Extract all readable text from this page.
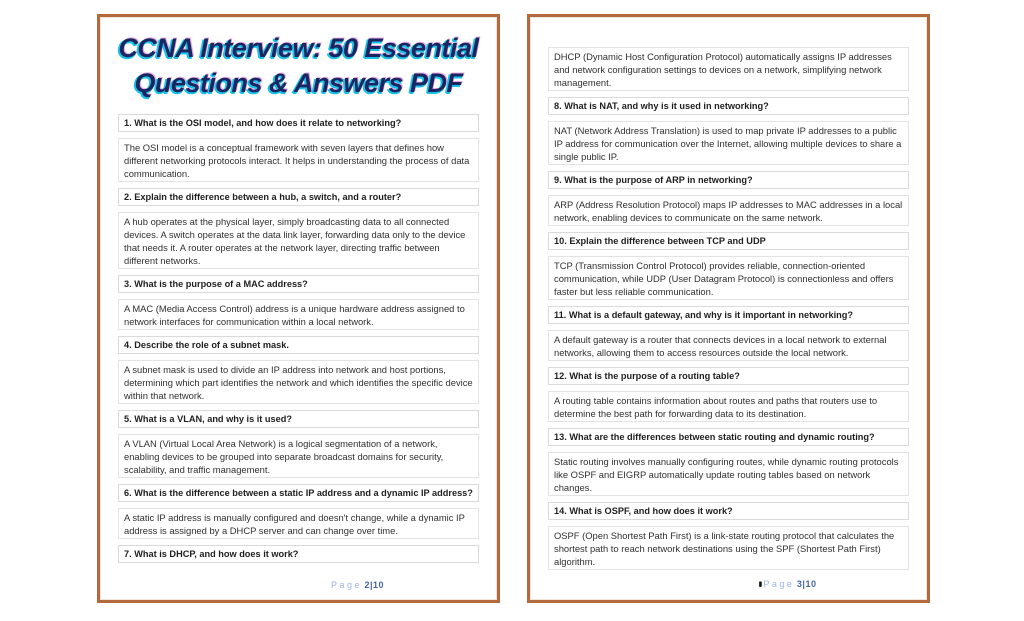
CCNA Interview: 50 Essential
Questions & Answers PDF
1. What is the OSI model, and how does it relate to networking?
The OSI model is a conceptual framework with seven layers that defines how different networking protocols interact. It helps in understanding the process of data communication.
2. Explain the difference between a hub, a switch, and a router?
A hub operates at the physical layer, simply broadcasting data to all connected devices. A switch operates at the data link layer, forwarding data only to the device that needs it. A router operates at the network layer, directing traffic between different networks.
3. What is the purpose of a MAC address?
A MAC (Media Access Control) address is a unique hardware address assigned to network interfaces for communication within a local network.
4. Describe the role of a subnet mask.
A subnet mask is used to divide an IP address into network and host portions, determining which part identifies the network and which identifies the specific device within that network.
5. What is a VLAN, and why is it used?
A VLAN (Virtual Local Area Network) is a logical segmentation of a network, enabling devices to be grouped into separate broadcast domains for security, scalability, and traffic management.
6. What is the difference between a static IP address and a dynamic IP address?
A static IP address is manually configured and doesn't change, while a dynamic IP address is assigned by a DHCP server and can change over time.
7. What is DHCP, and how does it work?
Page 2|10
DHCP (Dynamic Host Configuration Protocol) automatically assigns IP addresses and network configuration settings to devices on a network, simplifying network management.
8. What is NAT, and why is it used in networking?
NAT (Network Address Translation) is used to map private IP addresses to a public IP address for communication over the Internet, allowing multiple devices to share a single public IP.
9. What is the purpose of ARP in networking?
ARP (Address Resolution Protocol) maps IP addresses to MAC addresses in a local network, enabling devices to communicate on the same network.
10. Explain the difference between TCP and UDP
TCP (Transmission Control Protocol) provides reliable, connection-oriented communication, while UDP (User Datagram Protocol) is connectionless and offers faster but less reliable communication.
11. What is a default gateway, and why is it important in networking?
A default gateway is a router that connects devices in a local network to external networks, allowing them to access resources outside the local network.
12. What is the purpose of a routing table?
A routing table contains information about routes and paths that routers use to determine the best path for forwarding data to its destination.
13. What are the differences between static routing and dynamic routing?
Static routing involves manually configuring routes, while dynamic routing protocols like OSPF and EIGRP automatically update routing tables based on network changes.
14. What is OSPF, and how does it work?
OSPF (Open Shortest Path First) is a link-state routing protocol that calculates the shortest path to reach network destinations using the SPF (Shortest Path First) algorithm.
▮Page 3|10
